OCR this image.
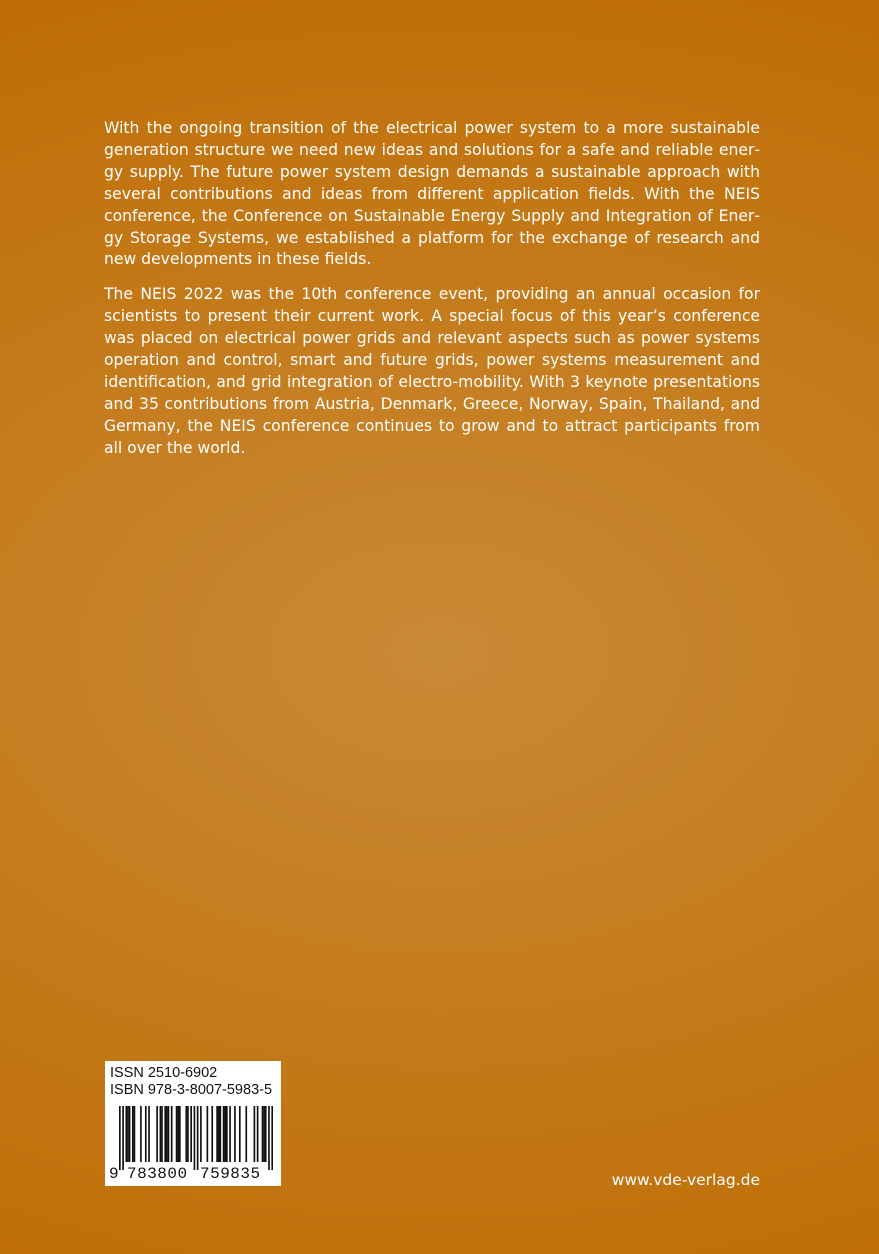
With the ongoing transition of the electrical power system to a more sustainable generation structure we need new ideas and solutions for a safe and reliable energy supply. The future power system design demands a sustainable approach with several contributions and ideas from different application fields. With the NEIS conference, the Conference on Sustainable Energy Supply and Integration of Energy Storage Systems, we established a platform for the exchange of research and new developments in these fields.

The NEIS 2022 was the 10th conference event, providing an annual occasion for scientists to present their current work. A special focus of this year’s conference was placed on electrical power grids and relevant aspects such as power systems operation and control, smart and future grids, power systems measurement and identification, and grid integration of electro-mobility. With 3 keynote presentations and 35 contributions from Austria, Denmark, Greece, Norway, Spain, Thailand, and Germany, the NEIS conference continues to grow and to attract participants from all over the world.

ISSN 2510-6902
ISBN 978-3-8007-5983-5
9 783800 759835	www.vde-verlag.de
